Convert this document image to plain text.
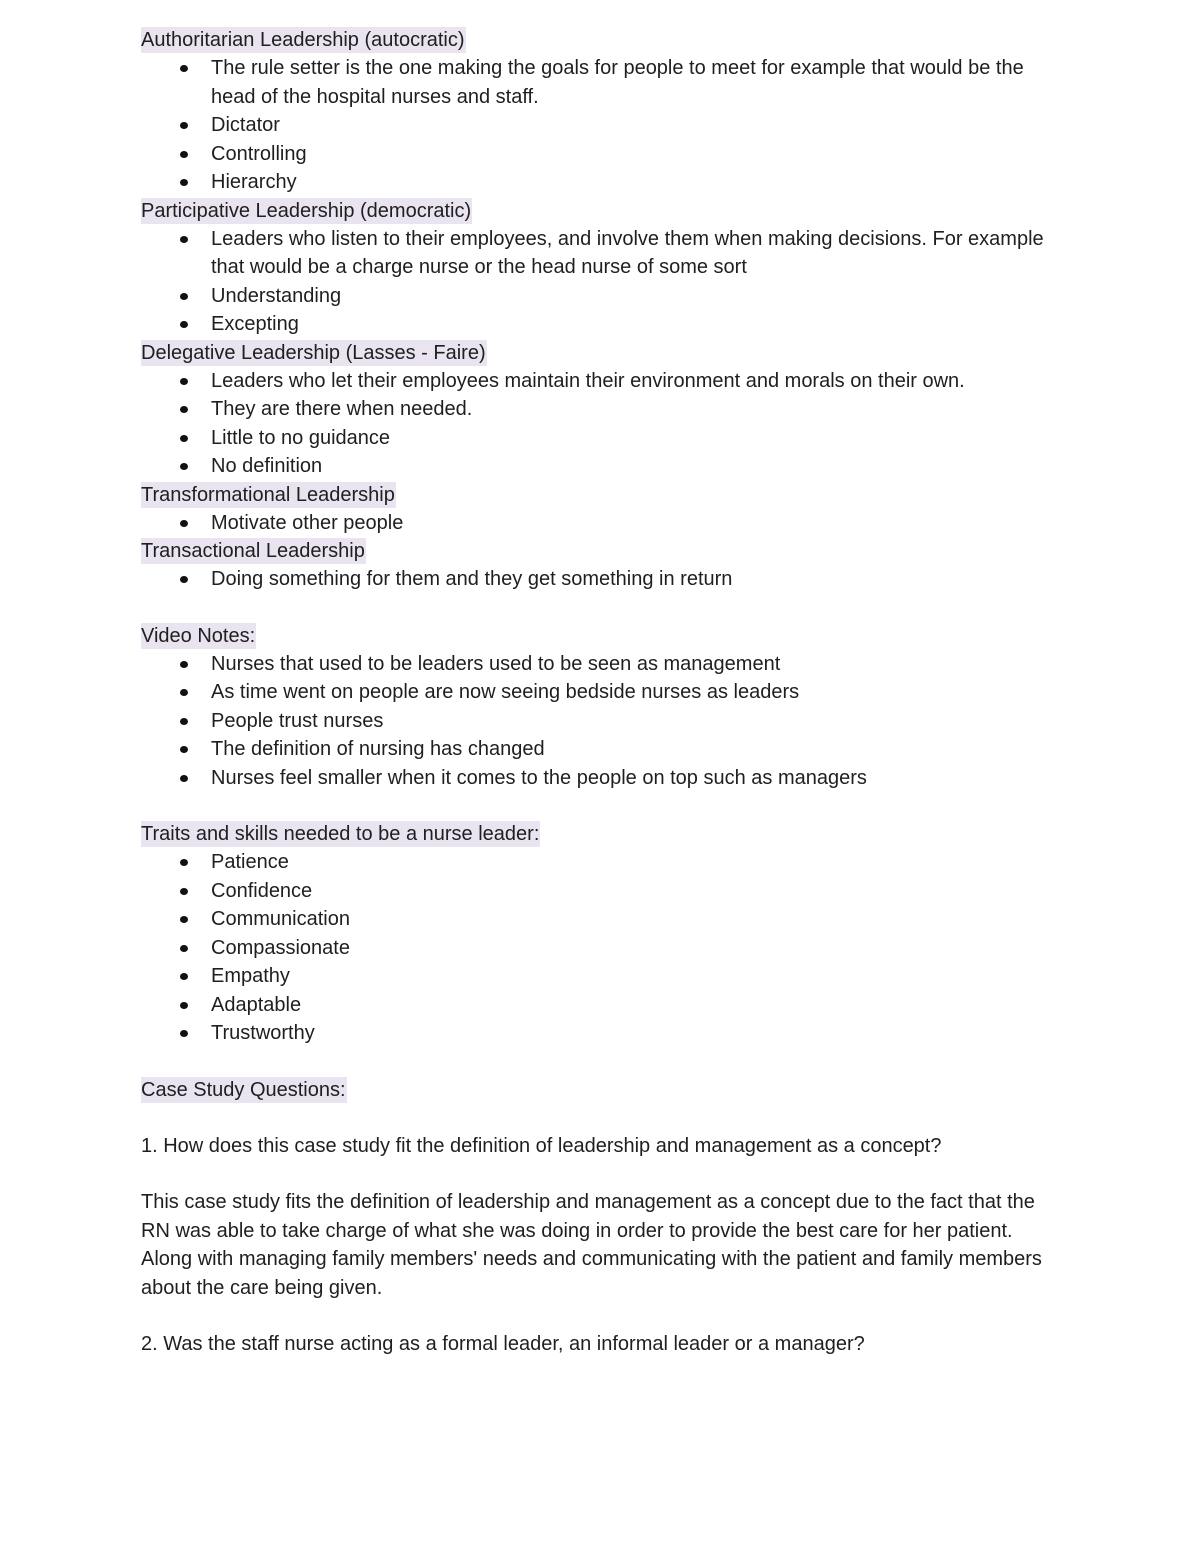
Authoritarian Leadership (autocratic)
The rule setter is the one making the goals for people to meet for example that would be the head of the hospital nurses and staff.
Dictator
Controlling
Hierarchy
Participative Leadership (democratic)
Leaders who listen to their employees, and involve them when making decisions. For example that would be a charge nurse or the head nurse of some sort
Understanding
Excepting
Delegative Leadership (Lasses - Faire)
Leaders who let their employees maintain their environment and morals on their own.
They are there when needed.
Little to no guidance
No definition
Transformational Leadership
Motivate other people
Transactional Leadership
Doing something for them and they get something in return
Video Notes:
Nurses that used to be leaders used to be seen as management
As time went on people are now seeing bedside nurses as leaders
People trust nurses
The definition of nursing has changed
Nurses feel smaller when it comes to the people on top such as managers
Traits and skills needed to be a nurse leader:
Patience
Confidence
Communication
Compassionate
Empathy
Adaptable
Trustworthy
Case Study Questions:

1. How does this case study fit the definition of leadership and management as a concept?

This case study fits the definition of leadership and management as a concept due to the fact that the RN was able to take charge of what she was doing in order to provide the best care for her patient. Along with managing family members' needs and communicating with the patient and family members about the care being given.

2. Was the staff nurse acting as a formal leader, an informal leader or a manager?
